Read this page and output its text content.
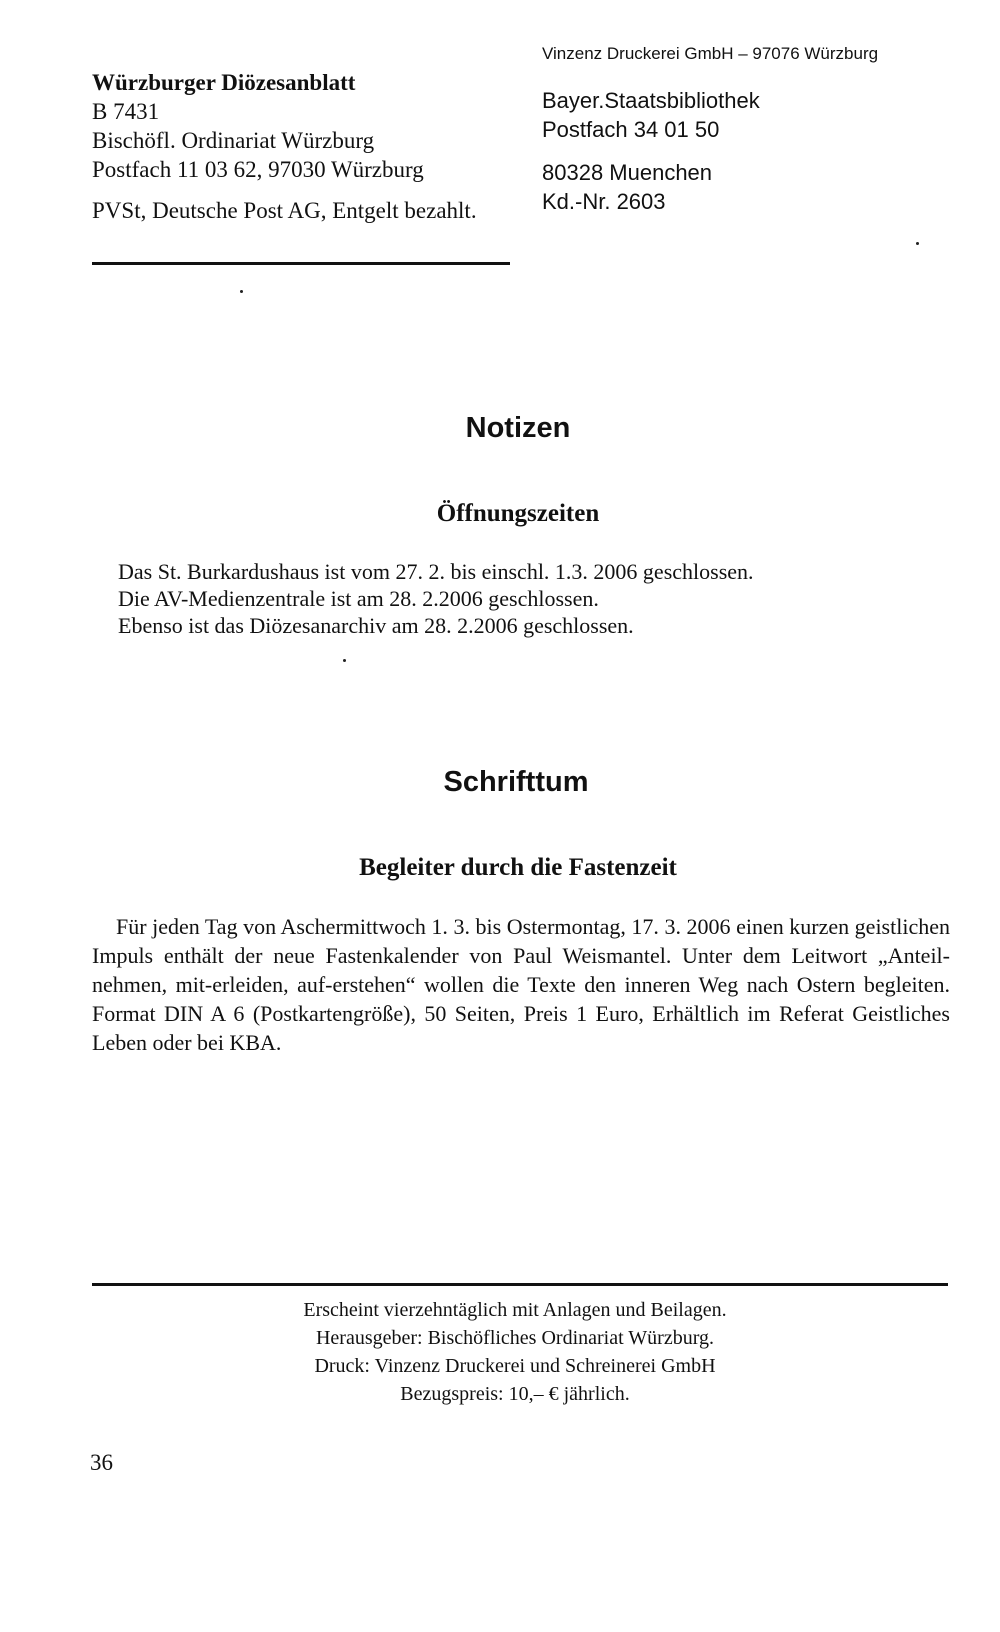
Würzburger Diözesanblatt
B 7431
Bischöfl. Ordinariat Würzburg
Postfach 11 03 62, 97030 Würzburg
PVSt, Deutsche Post AG, Entgelt bezahlt.
Vinzenz Druckerei GmbH – 97076 Würzburg
Bayer.Staatsbibliothek
Postfach 34 01 50
80328 Muenchen
Kd.-Nr. 2603
Notizen
Öffnungszeiten
Das St. Burkardushaus ist vom 27. 2. bis einschl. 1.3. 2006 geschlossen.
Die AV-Medienzentrale ist am 28. 2.2006 geschlossen.
Ebenso ist das Diözesanarchiv am 28. 2.2006 geschlossen.
Schrifttum
Begleiter durch die Fastenzeit
Für jeden Tag von Aschermittwoch 1. 3. bis Ostermontag, 17. 3. 2006 einen kurzen geistlichen Impuls enthält der neue Fastenkalender von Paul Weismantel. Unter dem Leitwort „Anteil-nehmen, mit-erleiden, auf-erstehen“ wollen die Texte den inneren Weg nach Ostern begleiten. Format DIN A 6 (Postkartengröße), 50 Seiten, Preis 1 Euro, Erhältlich im Referat Geistliches Leben oder bei KBA.
Erscheint vierzehntäglich mit Anlagen und Beilagen.
Herausgeber: Bischöfliches Ordinariat Würzburg.
Druck: Vinzenz Druckerei und Schreinerei GmbH
Bezugspreis: 10,– € jährlich.
36
